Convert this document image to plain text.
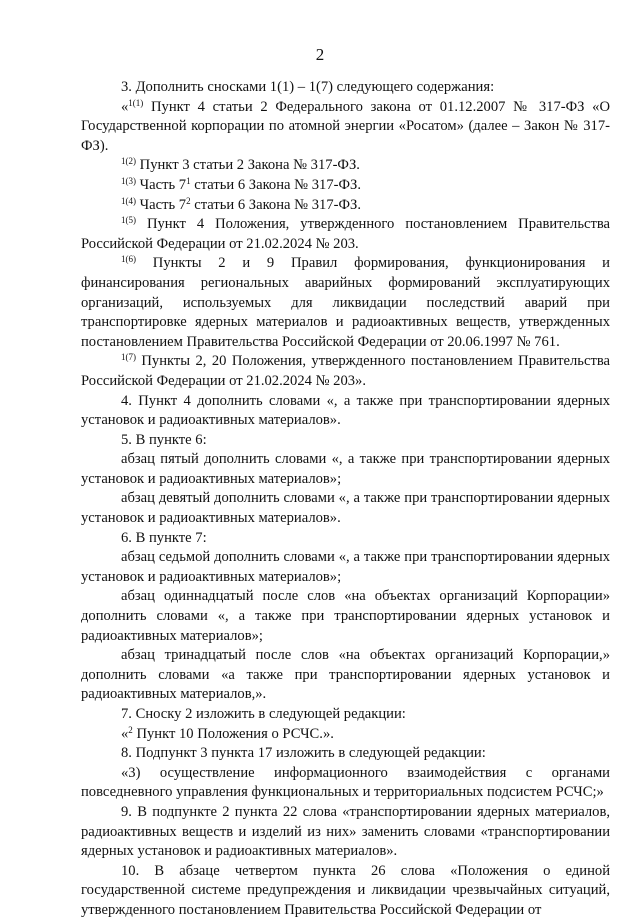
2

3. Дополнить сносками 1(1) – 1(7) следующего содержания:

«$^{1(1)}$ Пункт 4 статьи 2 Федерального закона от 01.12.2007 № 317-ФЗ «О Государственной корпорации по атомной энергии «Росатом» (далее – Закон № 317-ФЗ).

$^{1(2)}$ Пункт 3 статьи 2 Закона № 317-ФЗ.

$^{1(3)}$ Часть $7^1$ статьи 6 Закона № 317-ФЗ.

$^{1(4)}$ Часть $7^2$ статьи 6 Закона № 317-ФЗ.

$^{1(5)}$ Пункт 4 Положения, утвержденного постановлением Правительства Российской Федерации от 21.02.2024 № 203.

$^{1(6)}$ Пункты 2 и 9 Правил формирования, функционирования и финансирования региональных аварийных формирований эксплуатирующих организаций, используемых для ликвидации последствий аварий при транспортировке ядерных материалов и радиоактивных веществ, утвержденных постановлением Правительства Российской Федерации от 20.06.1997 № 761.

$^{1(7)}$ Пункты 2, 20 Положения, утвержденного постановлением Правительства Российской Федерации от 21.02.2024 № 203».

4. Пункт 4 дополнить словами «, а также при транспортировании ядерных установок и радиоактивных материалов».

5. В пункте 6:

абзац пятый дополнить словами «, а также при транспортировании ядерных установок и радиоактивных материалов»;

абзац девятый дополнить словами «, а также при транспортировании ядерных установок и радиоактивных материалов».

6. В пункте 7:

абзац седьмой дополнить словами «, а также при транспортировании ядерных установок и радиоактивных материалов»;

абзац одиннадцатый после слов «на объектах организаций Корпорации» дополнить словами «, а также при транспортировании ядерных установок и радиоактивных материалов»;

абзац тринадцатый после слов «на объектах организаций Корпорации,» дополнить словами «а также при транспортировании ядерных установок и радиоактивных материалов,».

7. Сноску 2 изложить в следующей редакции:

«$^2$ Пункт 10 Положения о РСЧС.».

8. Подпункт 3 пункта 17 изложить в следующей редакции:

«3) осуществление информационного взаимодействия с органами повседневного управления функциональных и территориальных подсистем РСЧС;»

9. В подпункте 2 пункта 22 слова «транспортировании ядерных материалов, радиоактивных веществ и изделий из них» заменить словами «транспортировании ядерных установок и радиоактивных материалов».

10. В абзаце четвертом пункта 26 слова «Положения о единой государственной системе предупреждения и ликвидации чрезвычайных ситуаций, утвержденного постановлением Правительства Российской Федерации от
